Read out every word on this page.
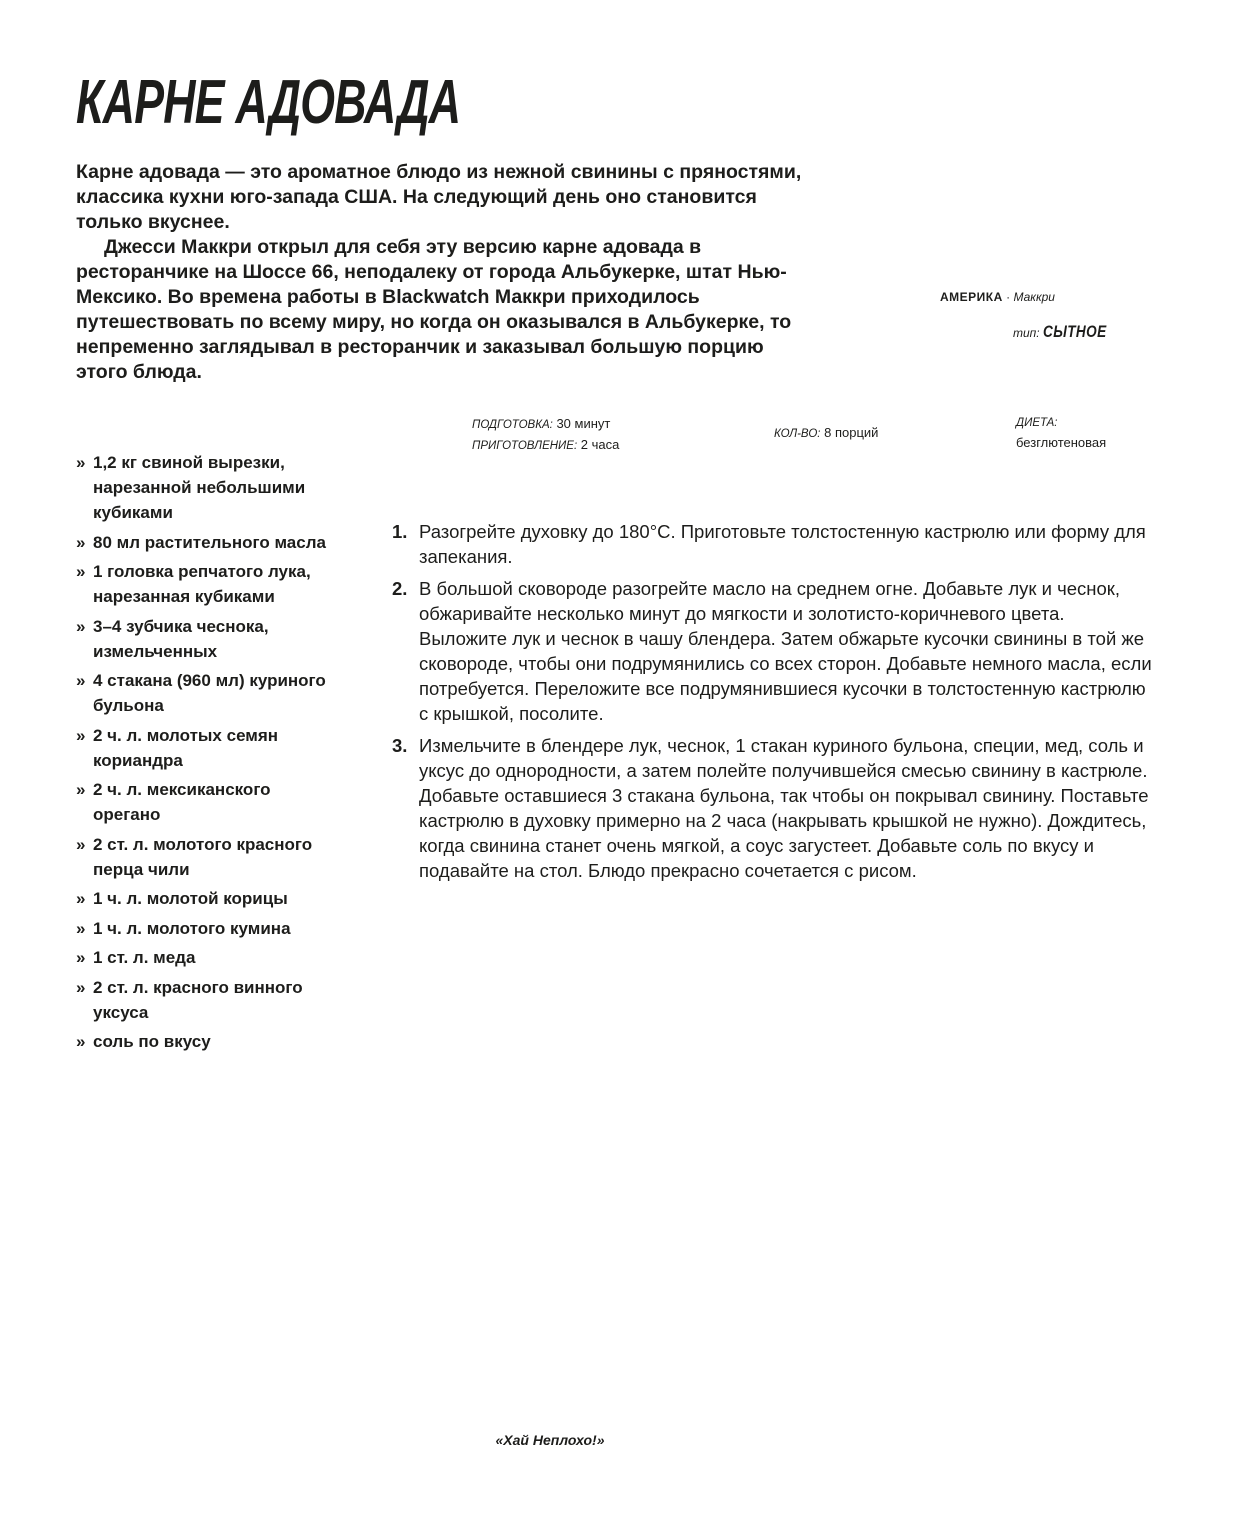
КАРНЕ АДОВАДА

Карне адовада — это ароматное блюдо из нежной свинины с пряностями, классика кухни юго-запада США. На следующий день оно становится только вкуснее.

Джесси Маккри открыл для себя эту версию карне адовада в ресторанчике на Шоссе 66, неподалеку от города Альбукерке, штат Нью-Мексико. Во времена работы в Blackwatch Маккри приходилось путешествовать по всему миру, но когда он оказывался в Альбукерке, то непременно заглядывал в ресторанчик и заказывал большую порцию этого блюда.

АМЕРИКА · Маккри
тип: СЫТНОЕ
ПОДГОТОВКА: 30 минут
ПРИГОТОВЛЕНИЕ: 2 часа
КОЛ-ВО: 8 порций
ДИЕТА:
безглютеновая
» 1,2 кг свиной вырезки, нарезанной небольшими кубиками
» 80 мл растительного масла
» 1 головка репчатого лука, нарезанная кубиками
» 3–4 зубчика чеснока, измельченных
» 4 стакана (960 мл) куриного бульона
» 2 ч. л. молотых семян кориандра
» 2 ч. л. мексиканского орегано
» 2 ст. л. молотого красного перца чили
» 1 ч. л. молотой корицы
» 1 ч. л. молотого кумина
» 1 ст. л. меда
» 2 ст. л. красного винного уксуса
» соль по вкусу
1. Разогрейте духовку до 180°C. Приготовьте толстостенную кастрюлю или форму для запекания.
2. В большой сковороде разогрейте масло на среднем огне. Добавьте лук и чеснок, обжаривайте несколько минут до мягкости и золотисто-коричневого цвета. Выложите лук и чеснок в чашу блендера. Затем обжарьте кусочки свинины в той же сковороде, чтобы они подрумянились со всех сторон. Добавьте немного масла, если потребуется. Переложите все подрумянившиеся кусочки в толстостенную кастрюлю с крышкой, посолите.
3. Измельчите в блендере лук, чеснок, 1 стакан куриного бульона, специи, мед, соль и уксус до однородности, а затем полейте получившейся смесью свинину в кастрюле. Добавьте оставшиеся 3 стакана бульона, так чтобы он покрывал свинину. Поставьте кастрюлю в духовку примерно на 2 часа (накрывать крышкой не нужно). Дождитесь, когда свинина станет очень мягкой, а соус загустеет. Добавьте соль по вкусу и подавайте на стол. Блюдо прекрасно сочетается с рисом.
«Хай Неплохо!»
